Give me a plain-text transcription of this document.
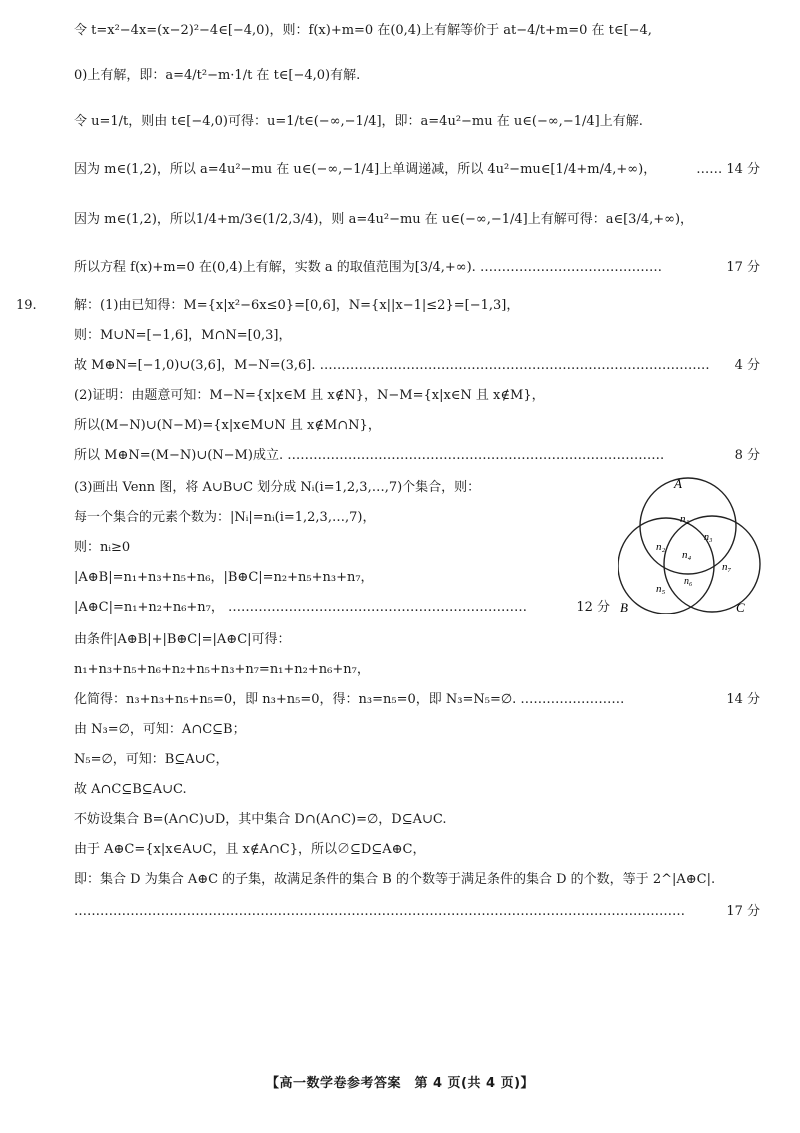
令 t=x²−4x=(x−2)²−4∈[−4,0)，则：f(x)+m=0 在(0,4)上有解等价于 at−4/t+m=0 在 t∈[−4,
0)上有解，即：a=4/t²−m·1/t 在 t∈[−4,0)有解.
令 u=1/t，则由 t∈[−4,0)可得：u=1/t∈(−∞,−1/4]，即：a=4u²−mu 在 u∈(−∞,−1/4]上有解.
因为 m∈(1,2)，所以 a=4u²−mu 在 u∈(−∞,−1/4]上单调递减，所以 4u²−mu∈[1/4+m/4,+∞)，	…… 14 分
因为 m∈(1,2)，所以1/4+m/3∈(1/2,3/4)，则 a=4u²−mu 在 u∈(−∞,−1/4]上有解可得：a∈[3/4,+∞)，
所以方程 f(x)+m=0 在(0,4)上有解，实数 a 的取值范围为[3/4,+∞). ……………………………………	17 分
19.	解：(1)由已知得：M={x|x²−6x≤0}=[0,6]，N={x||x−1|≤2}=[−1,3]，
则：M∪N=[−1,6]，M∩N=[0,3]，
故 M⊕N=[−1,0)∪(3,6]，M−N=(3,6]. ………………………………………………………………………………	4 分
(2)证明：由题意可知：M−N={x|x∈M 且 x∉N}，N−M={x|x∈N 且 x∉M}，
所以(M−N)∪(N−M)={x|x∈M∪N 且 x∉M∩N}，
所以 M⊕N=(M−N)∪(N−M)成立. ……………………………………………………………………………	8 分
(3)画出 Venn 图，将 A∪B∪C 划分成 Nᵢ(i=1,2,3,…,7)个集合，则：
每一个集合的元素个数为：|Nᵢ|=nᵢ(i=1,2,3,…,7)，
则：nᵢ≥0
|A⊕B|=n₁+n₃+n₅+n₆，|B⊕C|=n₂+n₅+n₃+n₇，
|A⊕C|=n₁+n₂+n₆+n₇， ……………………………………………………………	12 分
由条件|A⊕B|+|B⊕C|=|A⊕C|可得：
n₁+n₃+n₅+n₆+n₂+n₅+n₃+n₇=n₁+n₂+n₆+n₇，
化简得：n₃+n₃+n₅+n₅=0，即 n₃+n₅=0，得：n₃=n₅=0，即 N₃=N₅=∅. ……………………	14 分
由 N₃=∅，可知：A∩C⊆B；
N₅=∅，可知：B⊆A∪C，
故 A∩C⊆B⊆A∪C.
不妨设集合 B=(A∩C)∪D，其中集合 D∩(A∩C)=∅，D⊆A∪C.
由于 A⊕C={x|x∈A∪C，且 x∉A∩C}，所以∅⊆D⊆A⊕C，
即：集合 D 为集合 A⊕C 的子集，故满足条件的集合 B 的个数等于满足条件的集合 D 的个数，等于 2^|A⊕C|.
……………………………………………………………………………………………………………………………	17 分
A
B	C
n₁
n₂
n₃
n₄
n₅
n₆
n₇
【高一数学卷参考答案　第 4 页(共 4 页)】
